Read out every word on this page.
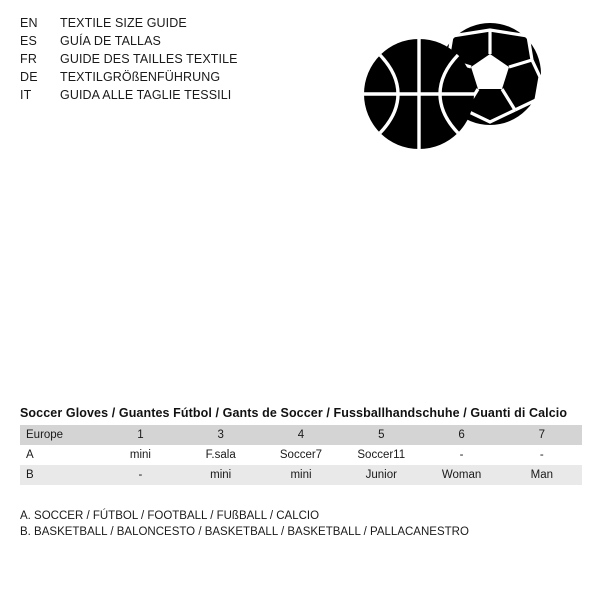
EN	TEXTILE SIZE GUIDE
ES	GUÍA DE TALLAS
FR	GUIDE DES TAILLES TEXTILE
DE	TEXTILGRÖßENFÜHRUNG
IT	GUIDA ALLE TAGLIE TESSILI
Soccer Gloves / Guantes Fútbol / Gants de Soccer / Fussballhandschuhe / Guanti di Calcio
Europe	1	3	4	5	6	7
A	mini	F.sala	Soccer7	Soccer11	-	-
B	-	mini	mini	Junior	Woman	Man
A. SOCCER / FÚTBOL / FOOTBALL / FUßBALL / CALCIO
B. BASKETBALL / BALONCESTO / BASKETBALL / BASKETBALL / PALLACANESTRO
